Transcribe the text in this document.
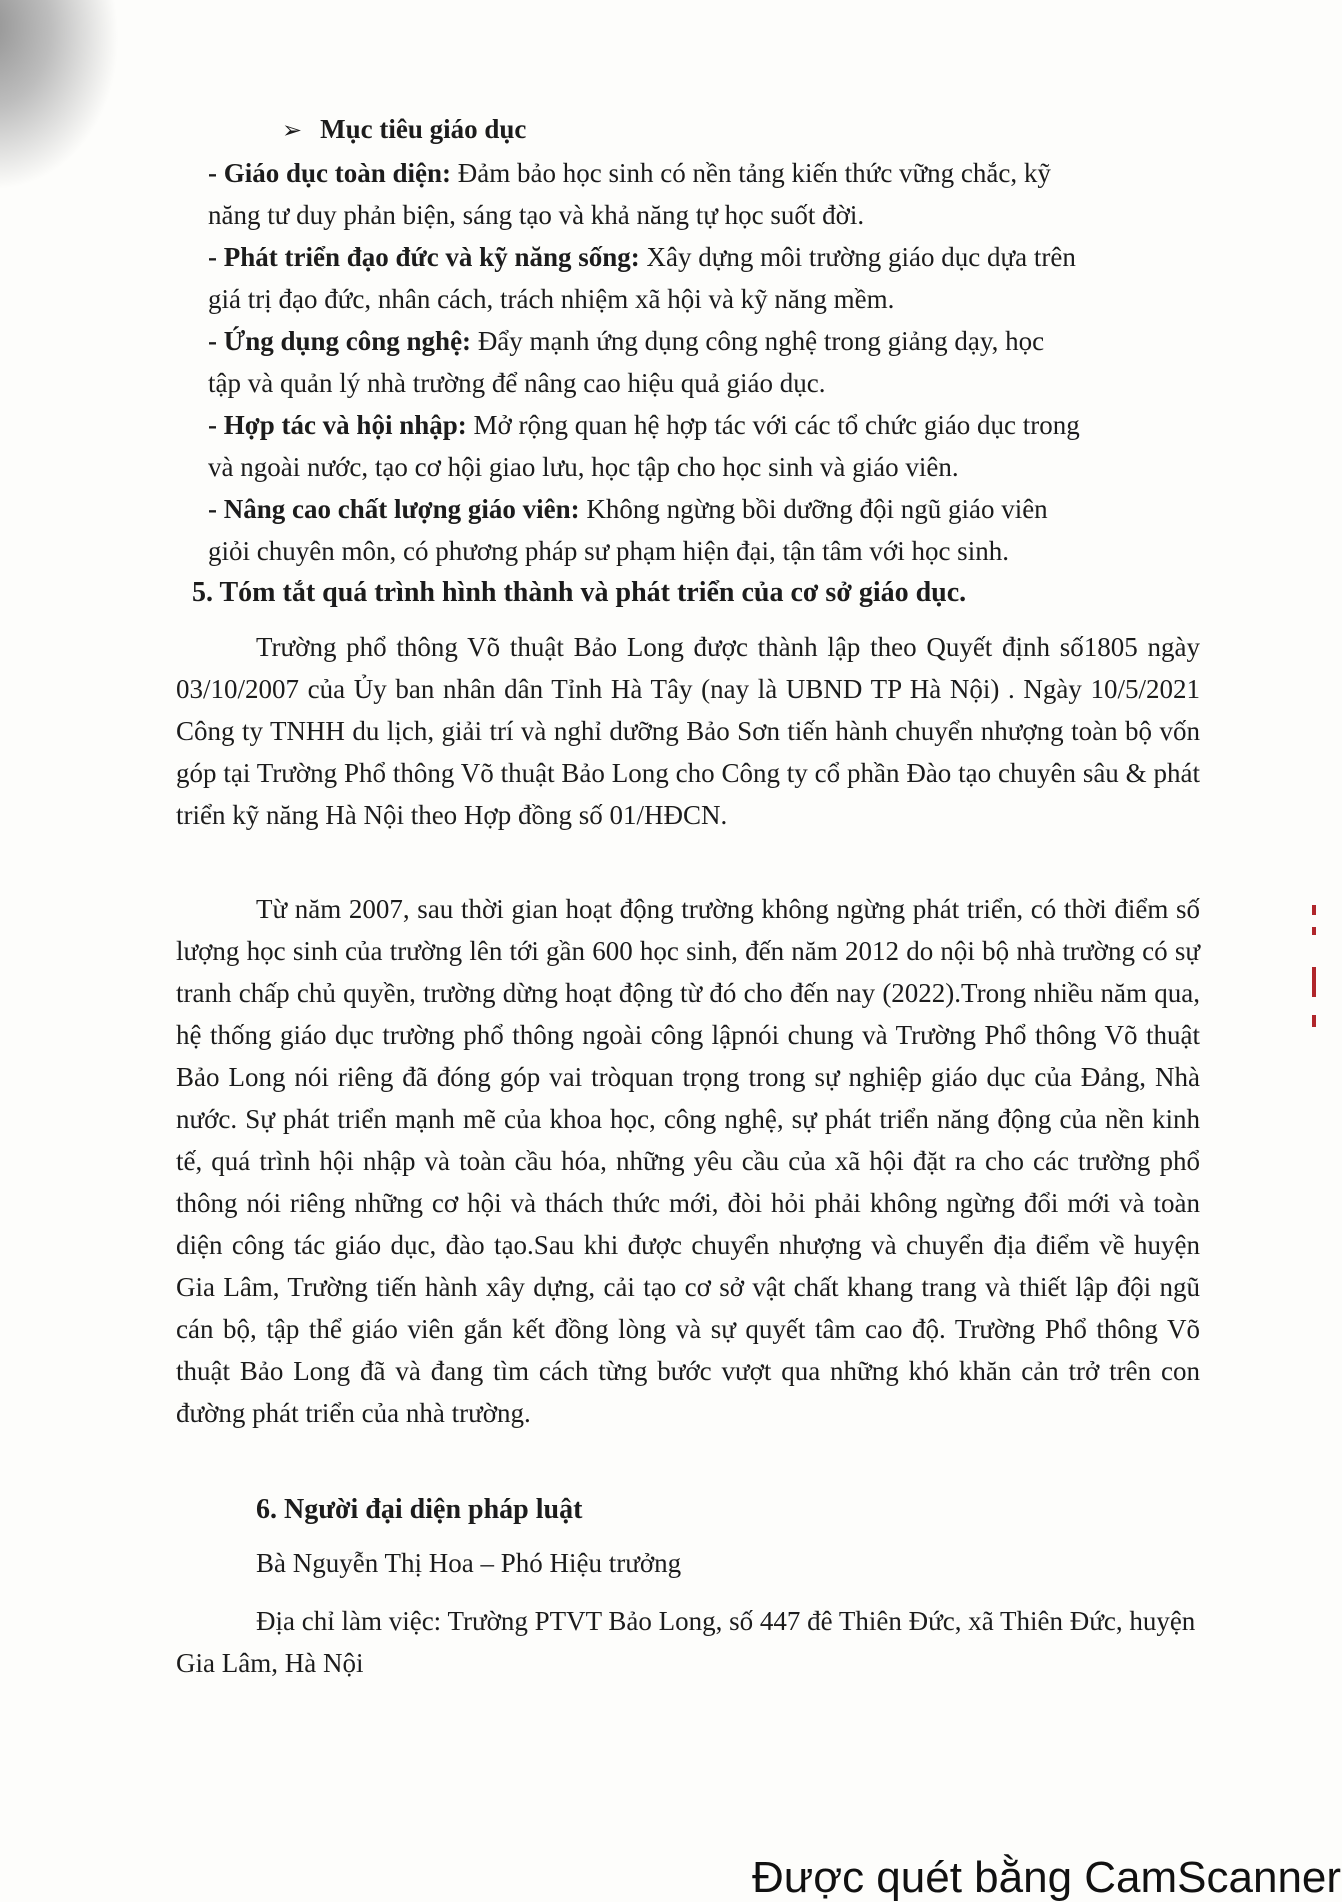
➢ Mục tiêu giáo dục

- Giáo dục toàn diện: Đảm bảo học sinh có nền tảng kiến thức vững chắc, kỹ

năng tư duy phản biện, sáng tạo và khả năng tự học suốt đời.

- Phát triển đạo đức và kỹ năng sống: Xây dựng môi trường giáo dục dựa trên

giá trị đạo đức, nhân cách, trách nhiệm xã hội và kỹ năng mềm.

- Ứng dụng công nghệ: Đẩy mạnh ứng dụng công nghệ trong giảng dạy, học

tập và quản lý nhà trường để nâng cao hiệu quả giáo dục.

- Hợp tác và hội nhập: Mở rộng quan hệ hợp tác với các tổ chức giáo dục trong

và ngoài nước, tạo cơ hội giao lưu, học tập cho học sinh và giáo viên.

- Nâng cao chất lượng giáo viên: Không ngừng bồi dưỡng đội ngũ giáo viên

giỏi chuyên môn, có phương pháp sư phạm hiện đại, tận tâm với học sinh.

5. Tóm tắt quá trình hình thành và phát triển của cơ sở giáo dục.

Trường phổ thông Võ thuật Bảo Long được thành lập theo Quyết định số1805 ngày 03/10/2007 của Ủy ban nhân dân Tỉnh Hà Tây (nay là UBND TP Hà Nội) . Ngày 10/5/2021 Công ty TNHH du lịch, giải trí và nghỉ dưỡng Bảo Sơn tiến hành chuyển nhượng toàn bộ vốn góp tại Trường Phổ thông Võ thuật Bảo Long cho Công ty cổ phần Đào tạo chuyên sâu & phát triển kỹ năng Hà Nội theo Hợp đồng số 01/HĐCN.

Từ năm 2007, sau thời gian hoạt động trường không ngừng phát triển, có thời điểm số lượng học sinh của trường lên tới gần 600 học sinh, đến năm 2012 do nội bộ nhà trường có sự tranh chấp chủ quyền, trường dừng hoạt động từ đó cho đến nay (2022).Trong nhiều năm qua, hệ thống giáo dục trường phổ thông ngoài công lậpnói chung và Trường Phổ thông Võ thuật Bảo Long nói riêng đã đóng góp vai tròquan trọng trong sự nghiệp giáo dục của Đảng, Nhà nước. Sự phát triển mạnh mẽ của khoa học, công nghệ, sự phát triển năng động của nền kinh tế, quá trình hội nhập và toàn cầu hóa, những yêu cầu của xã hội đặt ra cho các trường phổ thông nói riêng những cơ hội và thách thức mới, đòi hỏi phải không ngừng đổi mới và toàn diện công tác giáo dục, đào tạo.Sau khi được chuyển nhượng và chuyển địa điểm về huyện Gia Lâm, Trường tiến hành xây dựng, cải tạo cơ sở vật chất khang trang và thiết lập đội ngũ cán bộ, tập thể giáo viên gắn kết đồng lòng và sự quyết tâm cao độ. Trường Phổ thông Võ thuật Bảo Long đã và đang tìm cách từng bước vượt qua những khó khăn cản trở trên con đường phát triển của nhà trường.

6. Người đại diện pháp luật

Bà Nguyễn Thị Hoa – Phó Hiệu trưởng

Địa chỉ làm việc: Trường PTVT Bảo Long, số 447 đê Thiên Đức, xã Thiên Đức, huyện Gia Lâm, Hà Nội

Được quét bằng CamScanner
